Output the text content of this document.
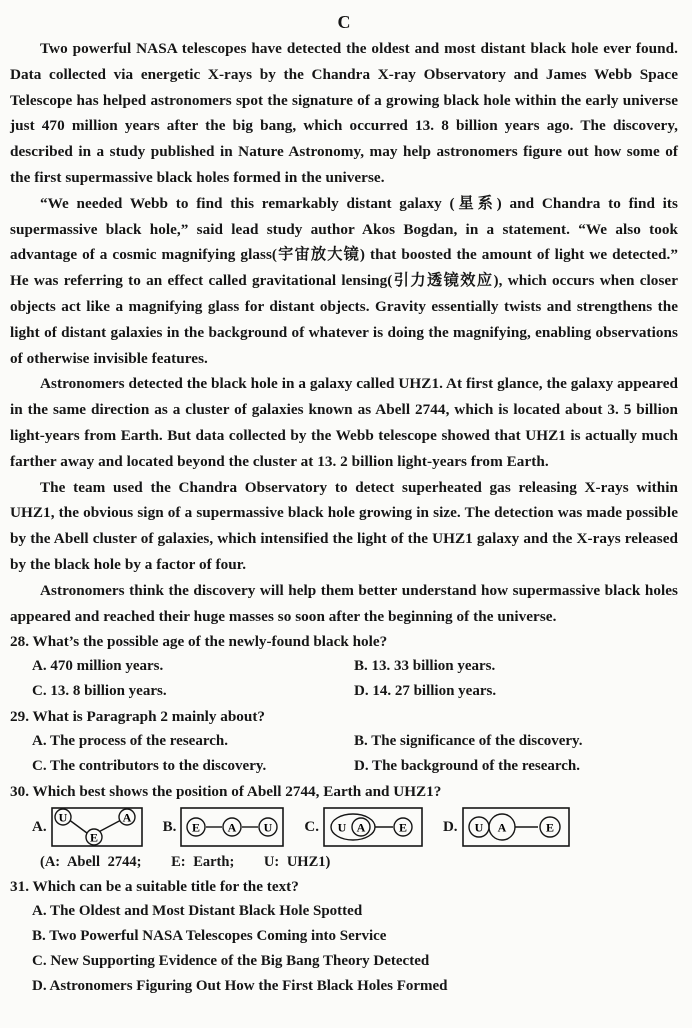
C

Two powerful NASA telescopes have detected the oldest and most distant black hole ever found. Data collected via energetic X-rays by the Chandra X-ray Observatory and James Webb Space Telescope has helped astronomers spot the signature of a growing black hole within the early universe just 470 million years after the big bang, which occurred 13. 8 billion years ago. The discovery, described in a study published in Nature Astronomy, may help astronomers figure out how some of the first supermassive black holes formed in the universe.

“We needed Webb to find this remarkably distant galaxy (星系) and Chandra to find its supermassive black hole,” said lead study author Akos Bogdan, in a statement. “We also took advantage of a cosmic magnifying glass(宇宙放大镜) that boosted the amount of light we detected.” He was referring to an effect called gravitational lensing(引力透镜效应), which occurs when closer objects act like a magnifying glass for distant objects. Gravity essentially twists and strengthens the light of distant galaxies in the background of whatever is doing the magnifying, enabling observations of otherwise invisible features.

Astronomers detected the black hole in a galaxy called UHZ1. At first glance, the galaxy appeared in the same direction as a cluster of galaxies known as Abell 2744, which is located about 3. 5 billion light-years from Earth. But data collected by the Webb telescope showed that UHZ1 is actually much farther away and located beyond the cluster at 13. 2 billion light-years from Earth.

The team used the Chandra Observatory to detect superheated gas releasing X-rays within UHZ1, the obvious sign of a supermassive black hole growing in size. The detection was made possible by the Abell cluster of galaxies, which intensified the light of the UHZ1 galaxy and the X-rays released by the black hole by a factor of four.

Astronomers think the discovery will help them better understand how supermassive black holes appeared and reached their huge masses so soon after the beginning of the universe.

28. What’s the possible age of the newly-found black hole?
A. 470 million years.	B. 13. 33 billion years.
C. 13. 8 billion years.	D. 14. 27 billion years.
29. What is Paragraph 2 mainly about?
A. The process of the research.	B. The significance of the discovery.
C. The contributors to the discovery.	D. The background of the research.
30. Which best shows the position of Abell 2744, Earth and UHZ1?
A.
U	A
E
B. E A U C. U A	E D. U A	E
(A: Abell 2744; E: Earth; U: UHZ1)
31. Which can be a suitable title for the text?
A. The Oldest and Most Distant Black Hole Spotted
B. Two Powerful NASA Telescopes Coming into Service
C. New Supporting Evidence of the Big Bang Theory Detected
D. Astronomers Figuring Out How the First Black Holes Formed
